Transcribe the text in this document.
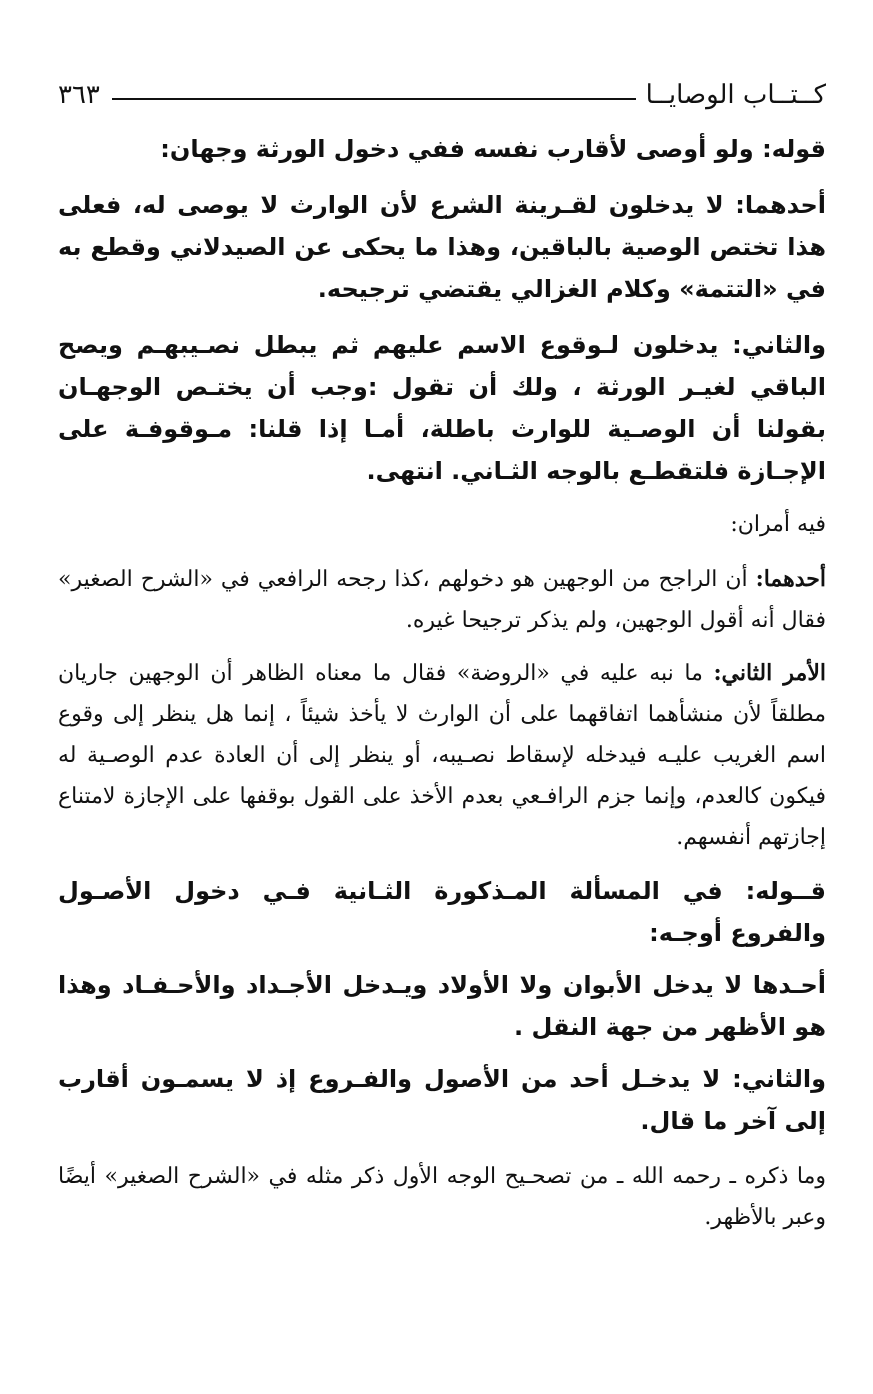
كــتــاب الوصايــا
٣٦٣
قوله: ولو أوصى لأقارب نفسه ففي دخول الورثة وجهان:
أحدهما: لا يدخلون لقـرينة الشرع لأن الوارث لا يوصى له، فعلى هذا تختص الوصية بالباقين، وهذا ما يحكى عن الصيدلاني وقطع به في «التتمة» وكلام الغزالي يقتضي ترجيحه.
والثاني: يدخلون لـوقوع الاسم عليهم ثم يبطل نصـيبهـم ويصح الباقي لغيـر الورثة ، ولك أن تقول :وجب أن يختـص الوجهـان بقولنا أن الوصـية للوارث باطلة، أمـا إذا قلنا: مـوقوفـة على الإجـازة فلتقطـع بالوجه الثـاني. انتهى.
فيه أمران:
أحدهما: أن الراجح من الوجهين هو دخولهم ،كذا رجحه الرافعي في «الشرح الصغير» فقال أنه أقول الوجهين، ولم يذكر ترجيحا غيره.
الأمر الثاني: ما نبه عليه في «الروضة» فقال ما معناه الظاهر أن الوجهين جاريان مطلقاً لأن منشأهما اتفاقهما على أن الوارث لا يأخذ شيئاً ، إنما هل ينظر إلى وقوع اسم الغريب عليـه فيدخله لإسقاط نصـيبه، أو ينظر إلى أن العادة عدم الوصـية له فيكون كالعدم، وإنما جزم الرافـعي بعدم الأخذ على القول بوقفها على الإجازة لامتناع إجازتهم أنفسهم.
قــوله: في المسألة المـذكورة الثـانية فـي دخول الأصـول والفروع أوجـه:
أحـدها لا يدخل الأبوان ولا الأولاد ويـدخل الأجـداد والأحـفـاد وهذا هو الأظهر من جهة النقل .
والثاني: لا يدخـل أحد من الأصول والفـروع إذ لا يسمـون أقارب إلى آخر ما قال.
وما ذكره ـ رحمه الله ـ من تصحـيح الوجه الأول ذكر مثله في «الشرح الصغير» أيضًا وعبر بالأظهر.
